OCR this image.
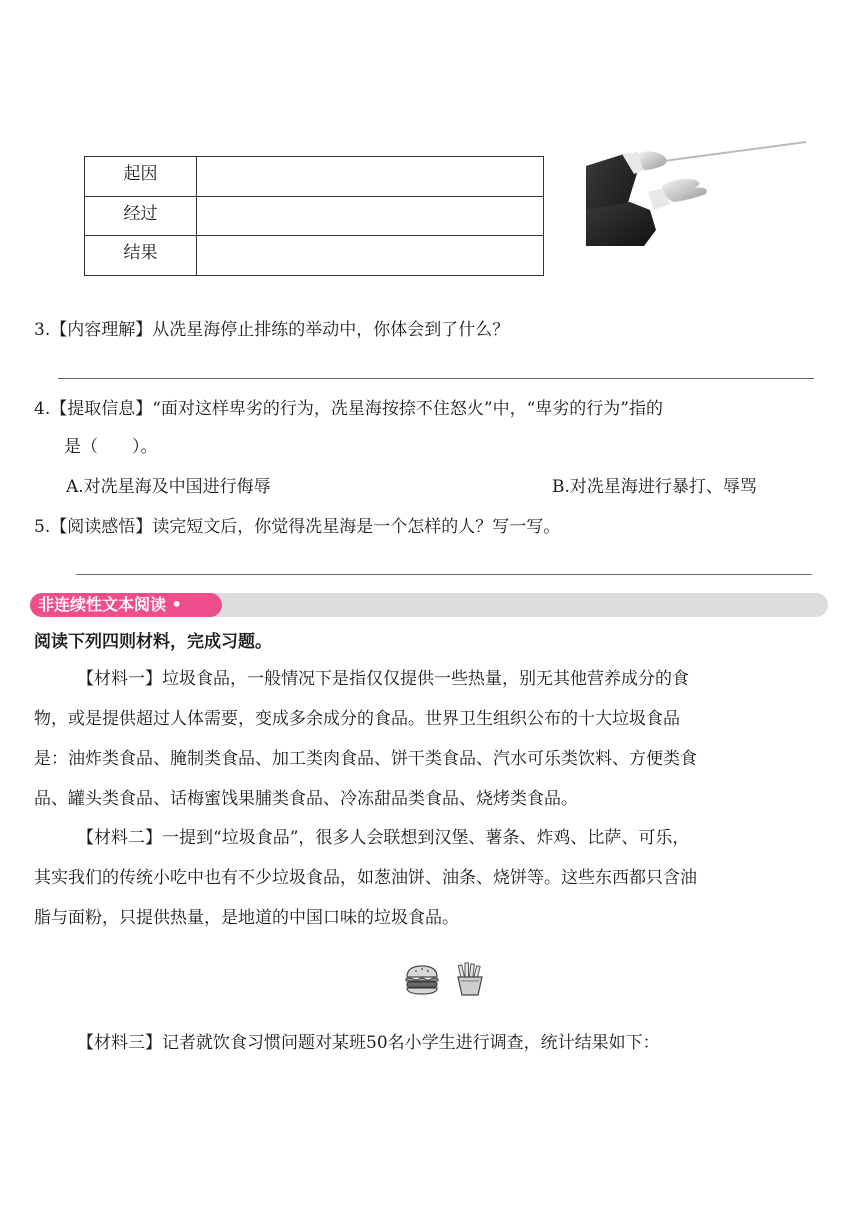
起因	
经过	
结果	
3.【内容理解】从冼星海停止排练的举动中，你体会到了什么？
4.【提取信息】“面对这样卑劣的行为，冼星海按捺不住怒火”中，“卑劣的行为”指的
是（　　）。
A.对冼星海及中国进行侮辱	B.对冼星海进行暴打、辱骂
5.【阅读感悟】读完短文后，你觉得冼星海是一个怎样的人？写一写。
非连续性文本阅读 •
阅读下列四则材料，完成习题。
【材料一】垃圾食品，一般情况下是指仅仅提供一些热量，别无其他营养成分的食
物，或是提供超过人体需要，变成多余成分的食品。世界卫生组织公布的十大垃圾食品
是：油炸类食品、腌制类食品、加工类肉食品、饼干类食品、汽水可乐类饮料、方便类食
品、罐头类食品、话梅蜜饯果脯类食品、冷冻甜品类食品、烧烤类食品。
【材料二】一提到“垃圾食品”，很多人会联想到汉堡、薯条、炸鸡、比萨、可乐，
其实我们的传统小吃中也有不少垃圾食品，如葱油饼、油条、烧饼等。这些东西都只含油
脂与面粉，只提供热量，是地道的中国口味的垃圾食品。
【材料三】记者就饮食习惯问题对某班50名小学生进行调查，统计结果如下：
